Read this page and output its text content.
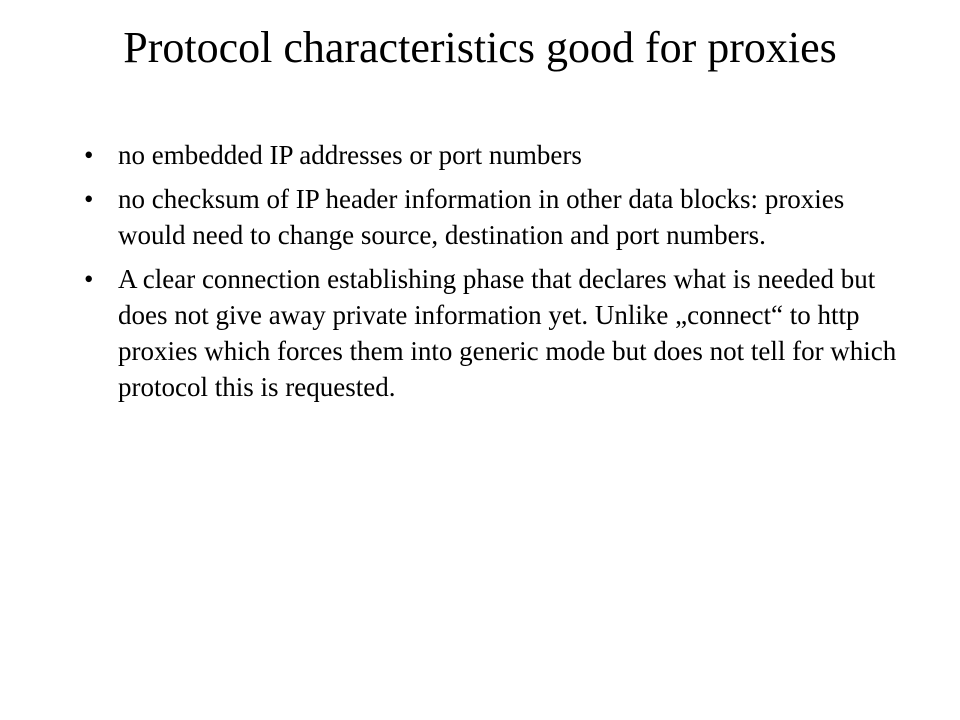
Protocol characteristics good for proxies
• no embedded IP addresses or port numbers
• no checksum of IP header information in other data blocks: proxies would need to change source, destination and port numbers.
• A clear connection establishing phase that declares what is needed but does not give away private information yet. Unlike „connect“ to http proxies which forces them into generic mode but does not tell for which protocol this is requested.
